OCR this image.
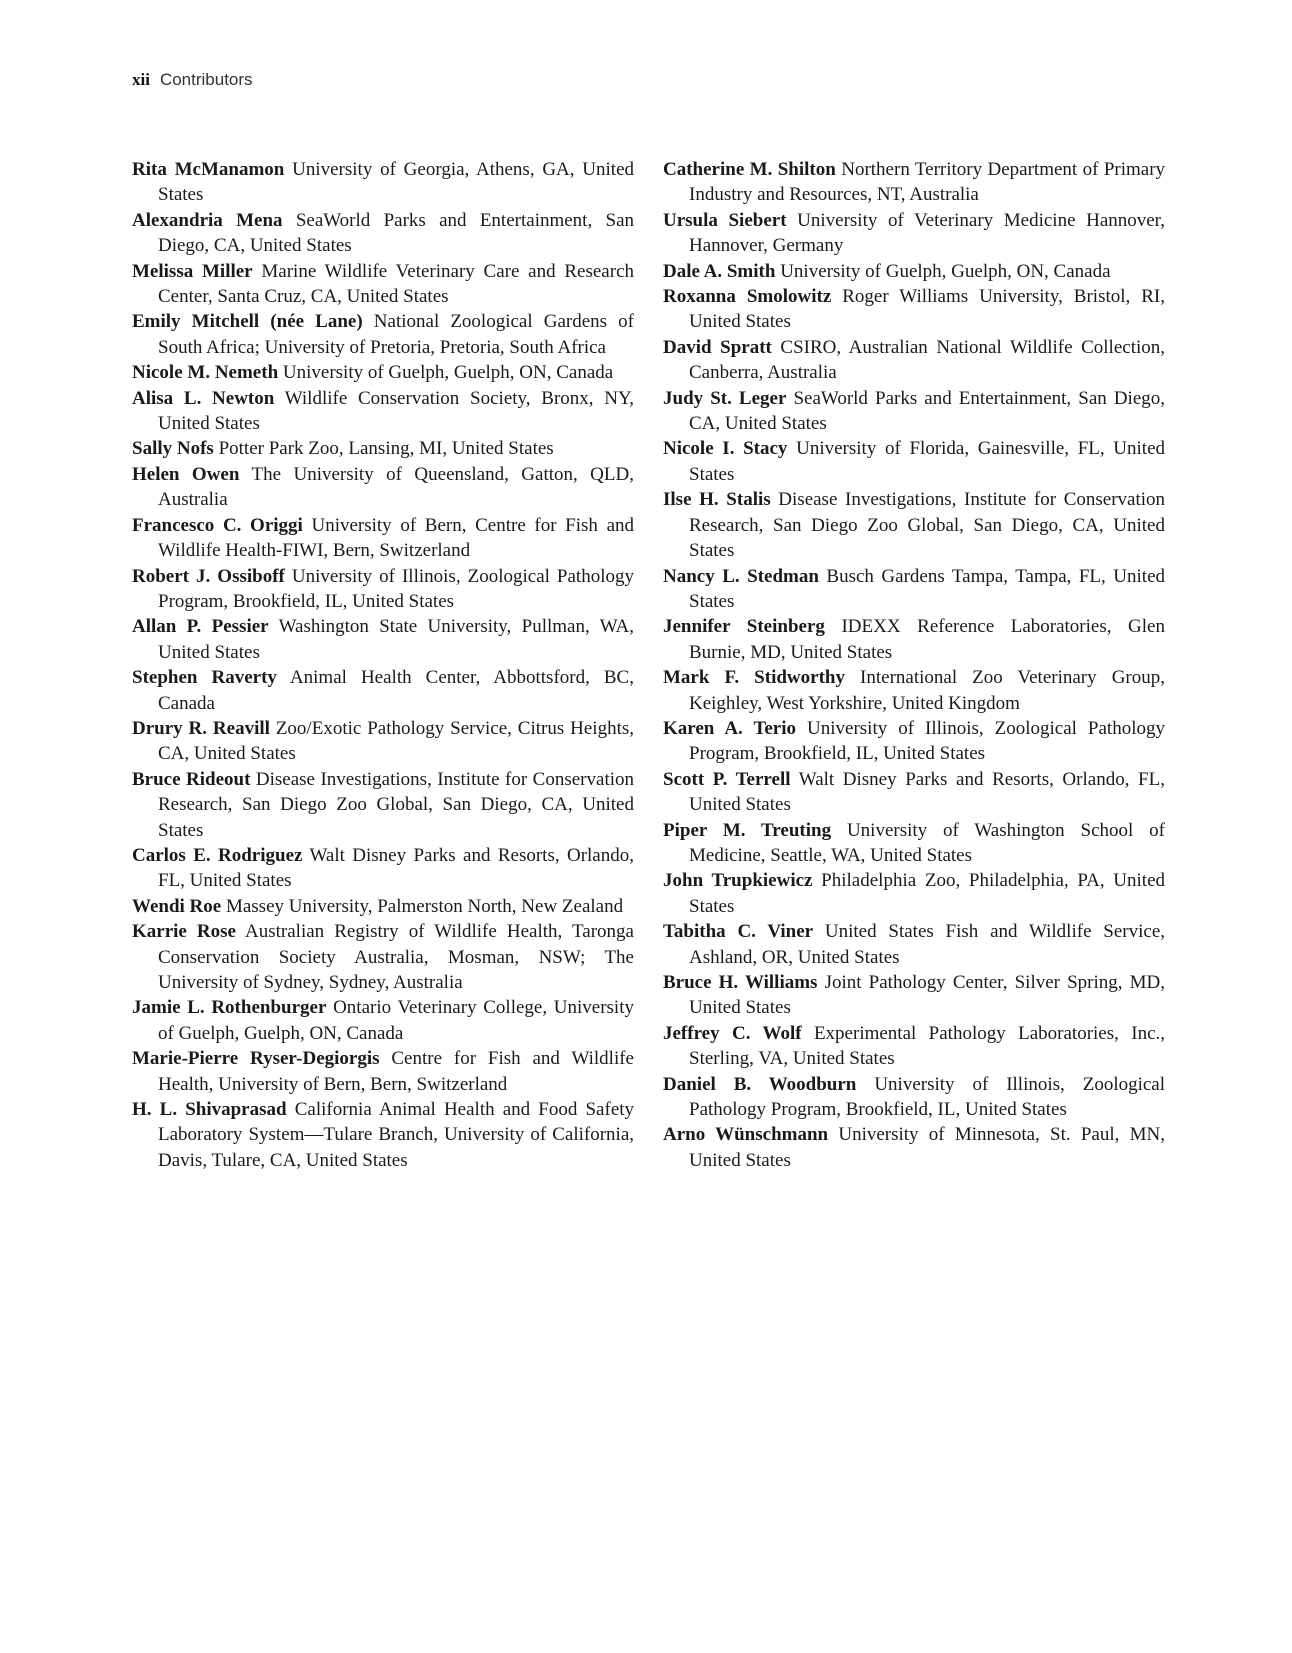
xii Contributors

Rita McManamon University of Georgia, Athens, GA, United States

Alexandria Mena SeaWorld Parks and Entertainment, San Diego, CA, United States

Melissa Miller Marine Wildlife Veterinary Care and Research Center, Santa Cruz, CA, United States

Emily Mitchell (née Lane) National Zoological Gardens of South Africa; University of Pretoria, Pretoria, South Africa

Nicole M. Nemeth University of Guelph, Guelph, ON, Canada

Alisa L. Newton Wildlife Conservation Society, Bronx, NY, United States

Sally Nofs Potter Park Zoo, Lansing, MI, United States

Helen Owen The University of Queensland, Gatton, QLD, Australia

Francesco C. Origgi University of Bern, Centre for Fish and Wildlife Health-FIWI, Bern, Switzerland

Robert J. Ossiboff University of Illinois, Zoological Pathology Program, Brookfield, IL, United States

Allan P. Pessier Washington State University, Pullman, WA, United States

Stephen Raverty Animal Health Center, Abbottsford, BC, Canada

Drury R. Reavill Zoo/Exotic Pathology Service, Citrus Heights, CA, United States

Bruce Rideout Disease Investigations, Institute for Conservation Research, San Diego Zoo Global, San Diego, CA, United States

Carlos E. Rodriguez Walt Disney Parks and Resorts, Orlando, FL, United States

Wendi Roe Massey University, Palmerston North, New Zealand

Karrie Rose Australian Registry of Wildlife Health, Taronga Conservation Society Australia, Mosman, NSW; The University of Sydney, Sydney, Australia

Jamie L. Rothenburger Ontario Veterinary College, University of Guelph, Guelph, ON, Canada

Marie-Pierre Ryser-Degiorgis Centre for Fish and Wildlife Health, University of Bern, Bern, Switzerland

H. L. Shivaprasad California Animal Health and Food Safety Laboratory System—Tulare Branch, University of California, Davis, Tulare, CA, United States

Catherine M. Shilton Northern Territory Department of Primary Industry and Resources, NT, Australia

Ursula Siebert University of Veterinary Medicine Hannover, Hannover, Germany

Dale A. Smith University of Guelph, Guelph, ON, Canada

Roxanna Smolowitz Roger Williams University, Bristol, RI, United States

David Spratt CSIRO, Australian National Wildlife Collection, Canberra, Australia

Judy St. Leger SeaWorld Parks and Entertainment, San Diego, CA, United States

Nicole I. Stacy University of Florida, Gainesville, FL, United States

Ilse H. Stalis Disease Investigations, Institute for Conservation Research, San Diego Zoo Global, San Diego, CA, United States

Nancy L. Stedman Busch Gardens Tampa, Tampa, FL, United States

Jennifer Steinberg IDEXX Reference Laboratories, Glen Burnie, MD, United States

Mark F. Stidworthy International Zoo Veterinary Group, Keighley, West Yorkshire, United Kingdom

Karen A. Terio University of Illinois, Zoological Pathology Program, Brookfield, IL, United States

Scott P. Terrell Walt Disney Parks and Resorts, Orlando, FL, United States

Piper M. Treuting University of Washington School of Medicine, Seattle, WA, United States

John Trupkiewicz Philadelphia Zoo, Philadelphia, PA, United States

Tabitha C. Viner United States Fish and Wildlife Service, Ashland, OR, United States

Bruce H. Williams Joint Pathology Center, Silver Spring, MD, United States

Jeffrey C. Wolf Experimental Pathology Laboratories, Inc., Sterling, VA, United States

Daniel B. Woodburn University of Illinois, Zoological Pathology Program, Brookfield, IL, United States

Arno Wünschmann University of Minnesota, St. Paul, MN, United States
